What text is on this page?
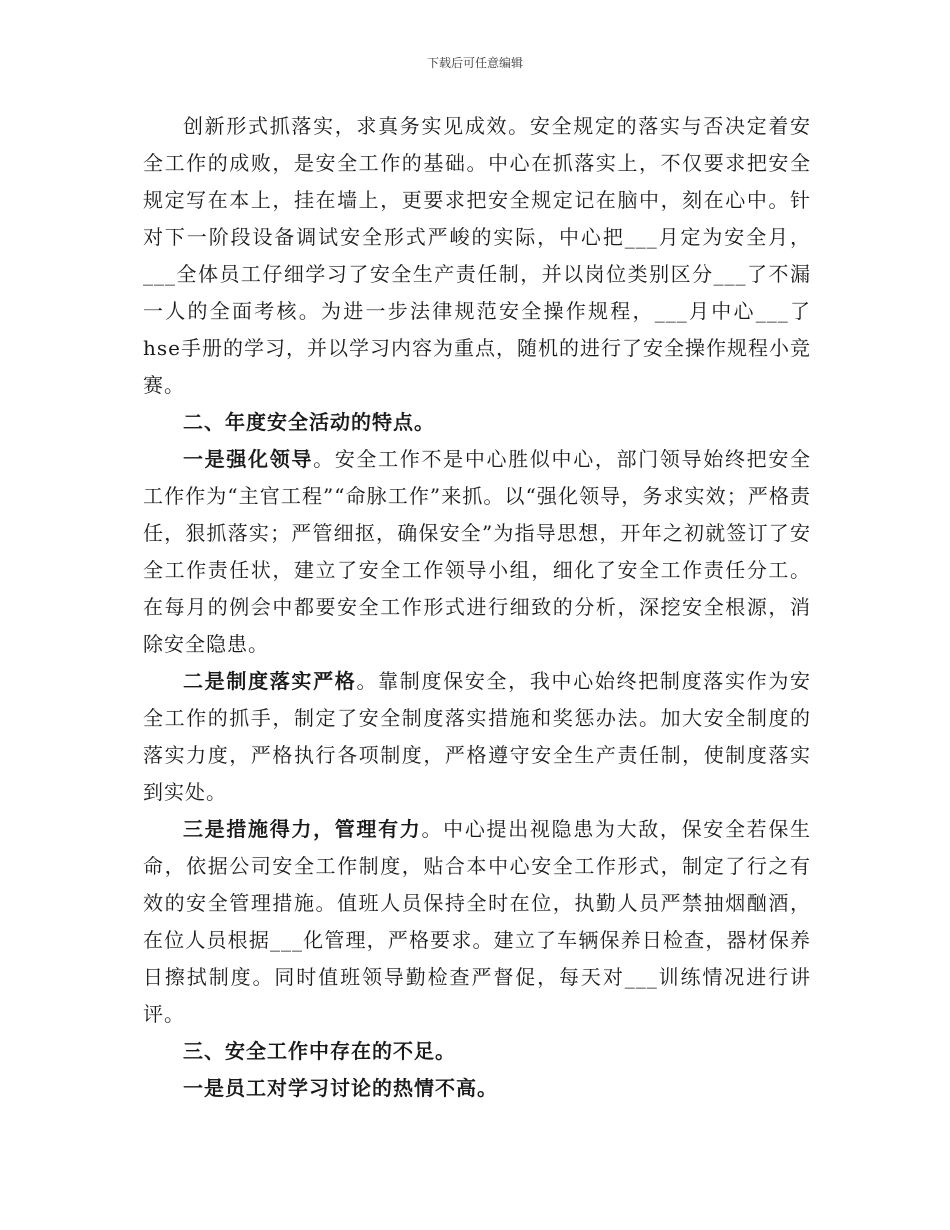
下载后可任意编辑

创新形式抓落实，求真务实见成效。安全规定的落实与否决定着安全工作的成败，是安全工作的基础。中心在抓落实上，不仅要求把安全规定写在本上，挂在墙上，更要求把安全规定记在脑中，刻在心中。针对下一阶段设备调试安全形式严峻的实际，中心把___月定为安全月，___全体员工仔细学习了安全生产责任制，并以岗位类别区分___了不漏一人的全面考核。为进一步法律规范安全操作规程，___月中心___了hse手册的学习，并以学习内容为重点，随机的进行了安全操作规程小竞赛。

二、年度安全活动的特点。

一是强化领导。安全工作不是中心胜似中心，部门领导始终把安全工作作为“主官工程”“命脉工作”来抓。以“强化领导，务求实效；严格责任，狠抓落实；严管细抠，确保安全”为指导思想，开年之初就签订了安全工作责任状，建立了安全工作领导小组，细化了安全工作责任分工。在每月的例会中都要安全工作形式进行细致的分析，深挖安全根源，消除安全隐患。

二是制度落实严格。靠制度保安全，我中心始终把制度落实作为安全工作的抓手，制定了安全制度落实措施和奖惩办法。加大安全制度的落实力度，严格执行各项制度，严格遵守安全生产责任制，使制度落实到实处。

三是措施得力，管理有力。中心提出视隐患为大敌，保安全若保生命，依据公司安全工作制度，贴合本中心安全工作形式，制定了行之有效的安全管理措施。值班人员保持全时在位，执勤人员严禁抽烟酗酒，在位人员根据___化管理，严格要求。建立了车辆保养日检查，器材保养日擦拭制度。同时值班领导勤检查严督促，每天对___训练情况进行讲评。

三、安全工作中存在的不足。

一是员工对学习讨论的热情不高。
